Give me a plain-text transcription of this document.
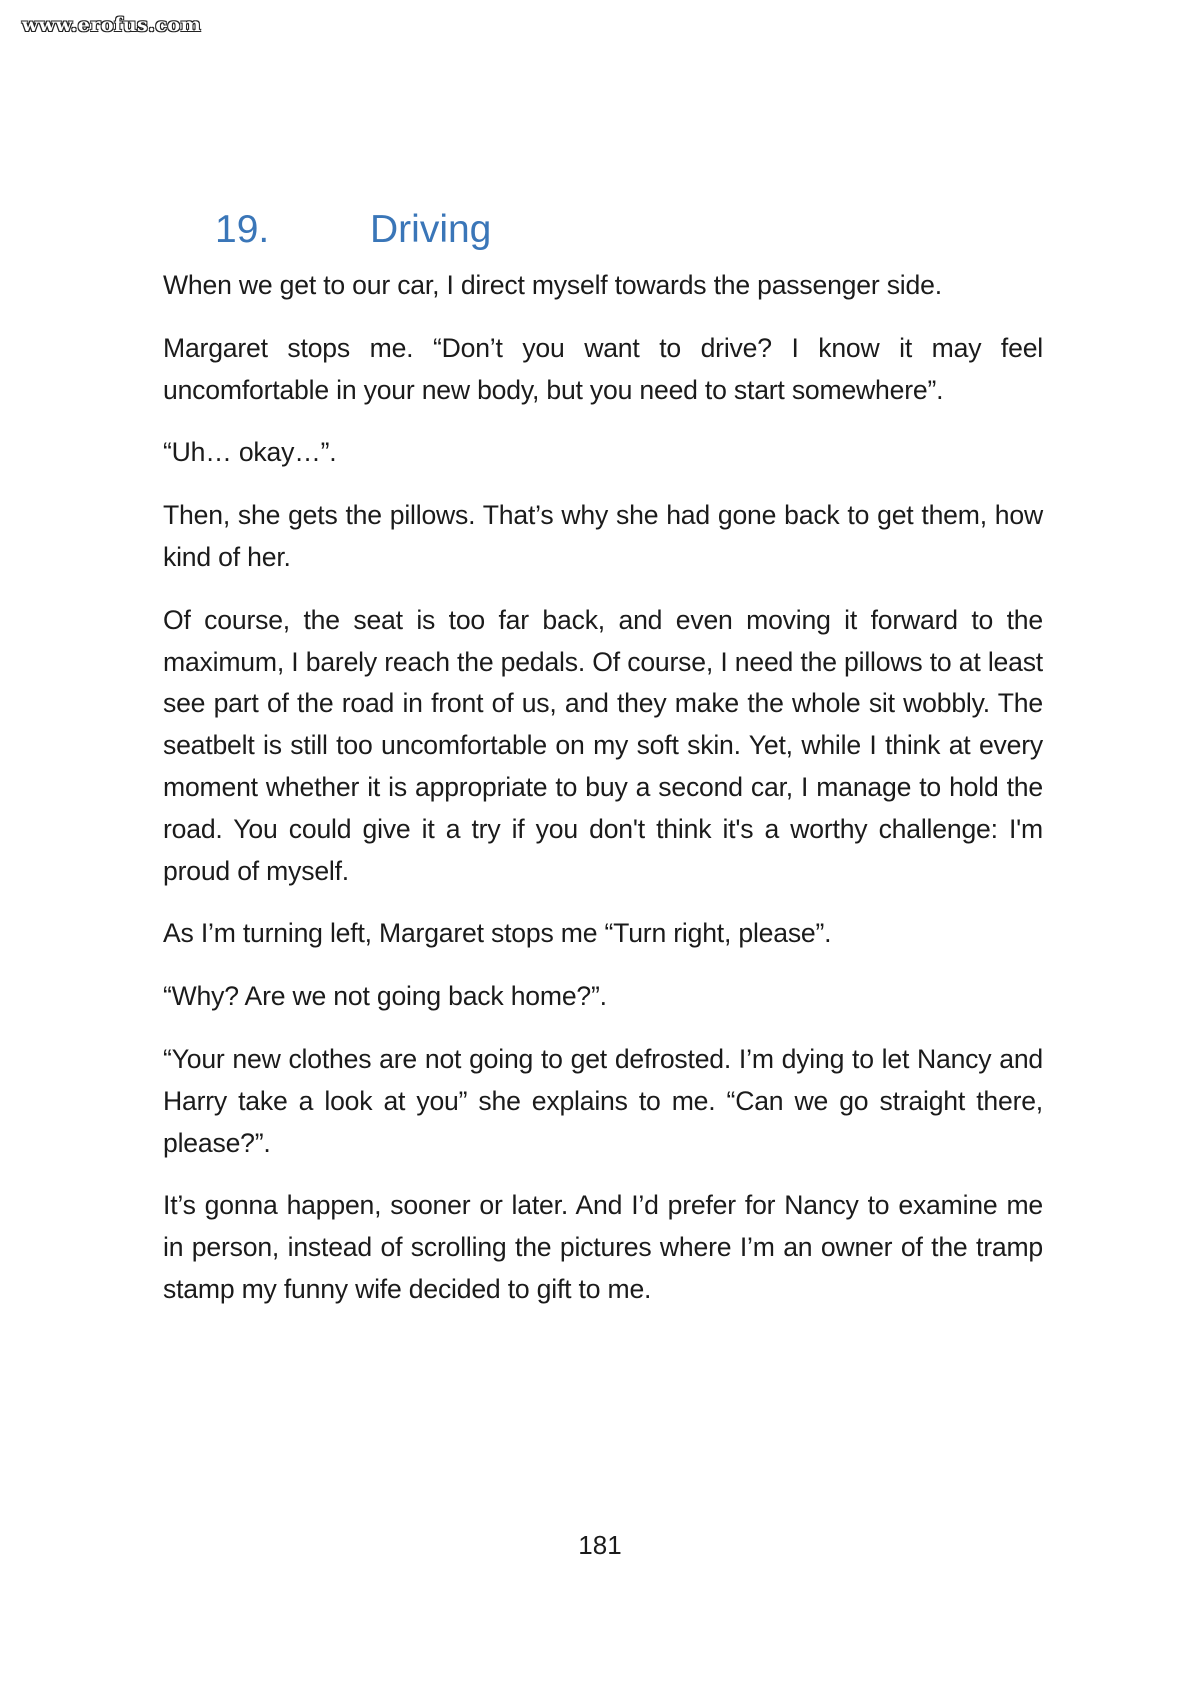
www.erofus.com
19.	Driving

When we get to our car, I direct myself towards the passenger side.

Margaret stops me. “Don’t you want to drive? I know it may feel uncomfortable in your new body, but you need to start somewhere”.

“Uh… okay…”.

Then, she gets the pillows. That’s why she had gone back to get them, how kind of her.

Of course, the seat is too far back, and even moving it forward to the maximum, I barely reach the pedals. Of course, I need the pillows to at least see part of the road in front of us, and they make the whole sit wobbly. The seatbelt is still too uncomfortable on my soft skin. Yet, while I think at every moment whether it is appropriate to buy a second car, I manage to hold the road. You could give it a try if you don't think it's a worthy challenge: I'm proud of myself.

As I’m turning left, Margaret stops me “Turn right, please”.

“Why? Are we not going back home?”.

“Your new clothes are not going to get defrosted. I’m dying to let Nancy and Harry take a look at you” she explains to me. “Can we go straight there, please?”.

It’s gonna happen, sooner or later. And I’d prefer for Nancy to examine me in person, instead of scrolling the pictures where I’m an owner of the tramp stamp my funny wife decided to gift to me.

181
